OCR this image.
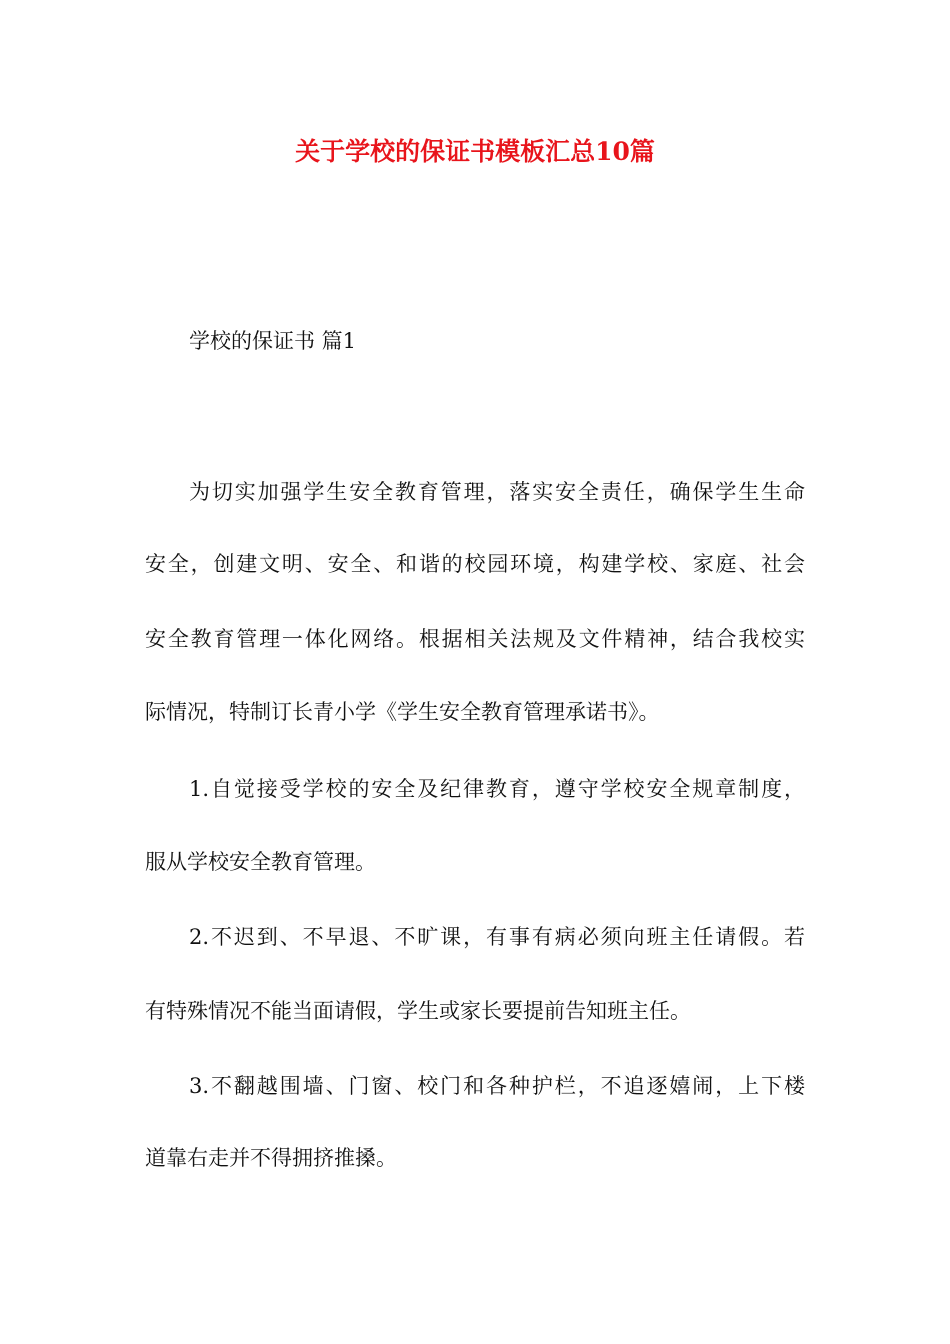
关于学校的保证书模板汇总10篇
学校的保证书 篇1
为切实加强学生安全教育管理，落实安全责任，确保学生生命
安全，创建文明、安全、和谐的校园环境，构建学校、家庭、社会
安全教育管理一体化网络。根据相关法规及文件精神，结合我校实
际情况，特制订长青小学《学生安全教育管理承诺书》。
1.自觉接受学校的安全及纪律教育，遵守学校安全规章制度，
服从学校安全教育管理。
2.不迟到、不早退、不旷课，有事有病必须向班主任请假。若
有特殊情况不能当面请假，学生或家长要提前告知班主任。
3.不翻越围墙、门窗、校门和各种护栏，不追逐嬉闹，上下楼
道靠右走并不得拥挤推搡。
